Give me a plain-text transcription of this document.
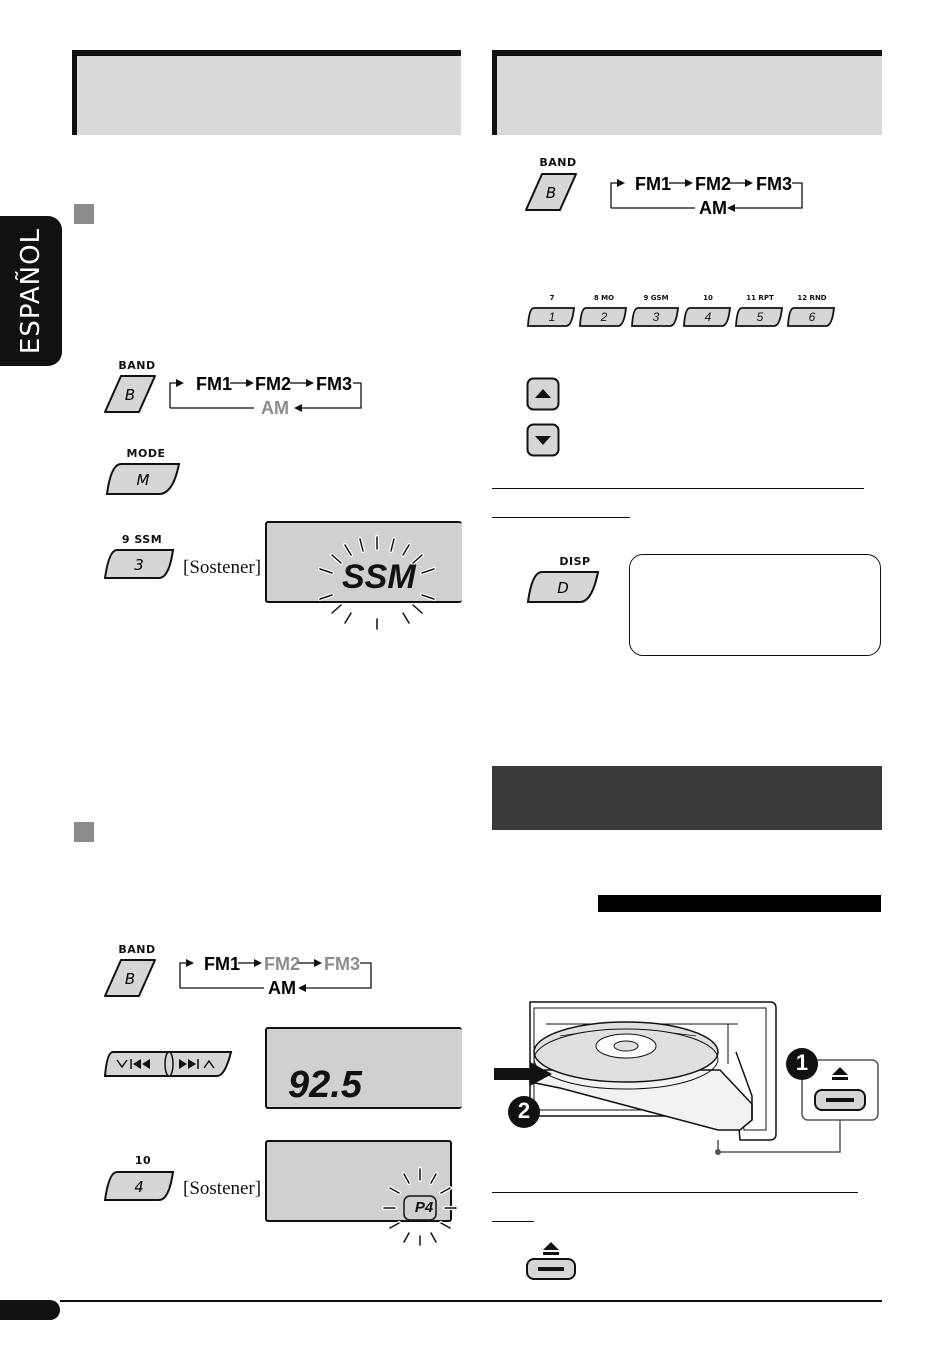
ESPAÑOL
BAND
B
FM1 FM2 FM3
AM
MODE
M
9 SSM
3 [Sostener] SSM
BAND
B
FM1 FM2 FM3
AM
92.5
10
4 [Sostener]
P4
BAND
B	FM1 FM2 FM3
AM
7	8 MO	9 GSM	10	11 RPT	12 RND
1	2	3	4	5	6
DISP
D
1
2
